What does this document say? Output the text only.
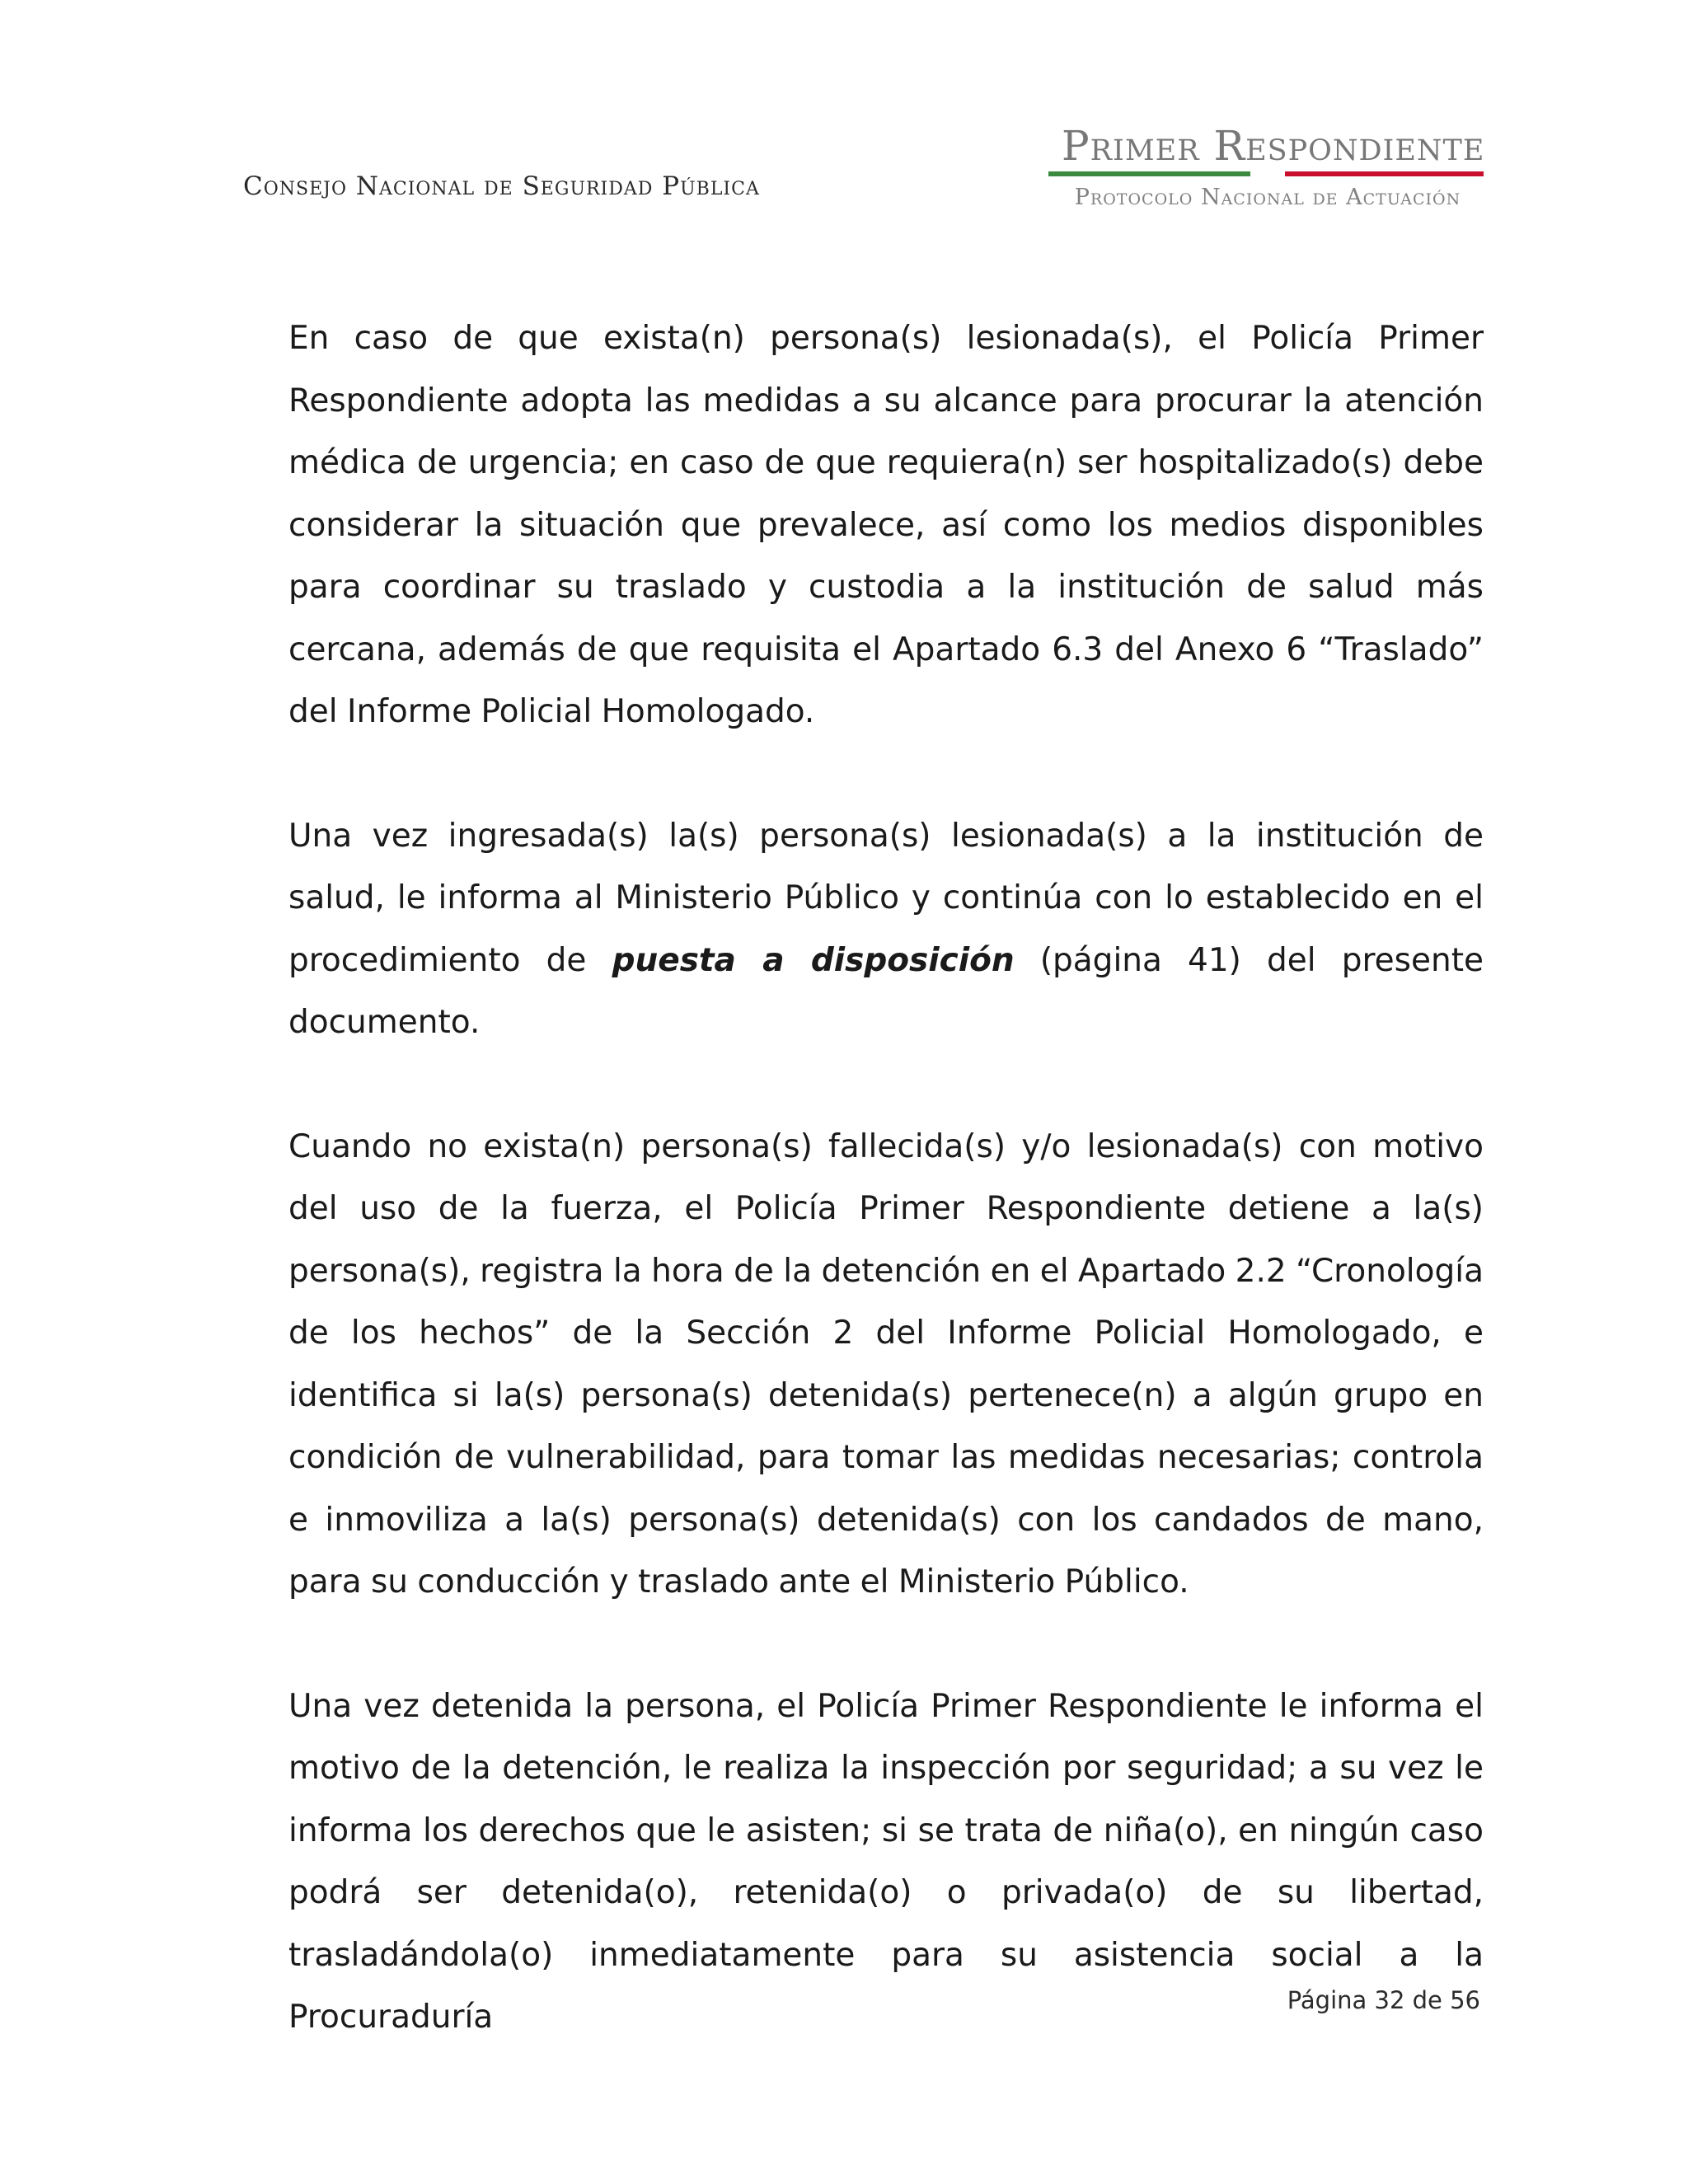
Consejo Nacional de Seguridad Pública
Primer Respondiente
Protocolo Nacional de Actuación

En caso de que exista(n) persona(s) lesionada(s), el Policía Primer Respondiente adopta las medidas a su alcance para procurar la atención médica de urgencia; en caso de que requiera(n) ser hospitalizado(s) debe considerar la situación que prevalece, así como los medios disponibles para coordinar su traslado y custodia a la institución de salud más cercana, además de que requisita el Apartado 6.3 del Anexo 6 “Traslado” del Informe Policial Homologado.

Una vez ingresada(s) la(s) persona(s) lesionada(s) a la institución de salud, le informa al Ministerio Público y continúa con lo establecido en el procedimiento de puesta a disposición (página 41) del presente documento.

Cuando no exista(n) persona(s) fallecida(s) y/o lesionada(s) con motivo del uso de la fuerza, el Policía Primer Respondiente detiene a la(s) persona(s), registra la hora de la detención en el Apartado 2.2 “Cronología de los hechos” de la Sección 2 del Informe Policial Homologado, e identifica si la(s) persona(s) detenida(s) pertenece(n) a algún grupo en condición de vulnerabilidad, para tomar las medidas necesarias; controla e inmoviliza a la(s) persona(s) detenida(s) con los candados de mano, para su conducción y traslado ante el Ministerio Público.

Una vez detenida la persona, el Policía Primer Respondiente le informa el motivo de la detención, le realiza la inspección por seguridad; a su vez le informa los derechos que le asisten; si se trata de niña(o), en ningún caso podrá ser detenida(o), retenida(o) o privada(o) de su libertad, trasladándola(o) inmediatamente para su asistencia social a la Procuraduría	Página 32 de 56
